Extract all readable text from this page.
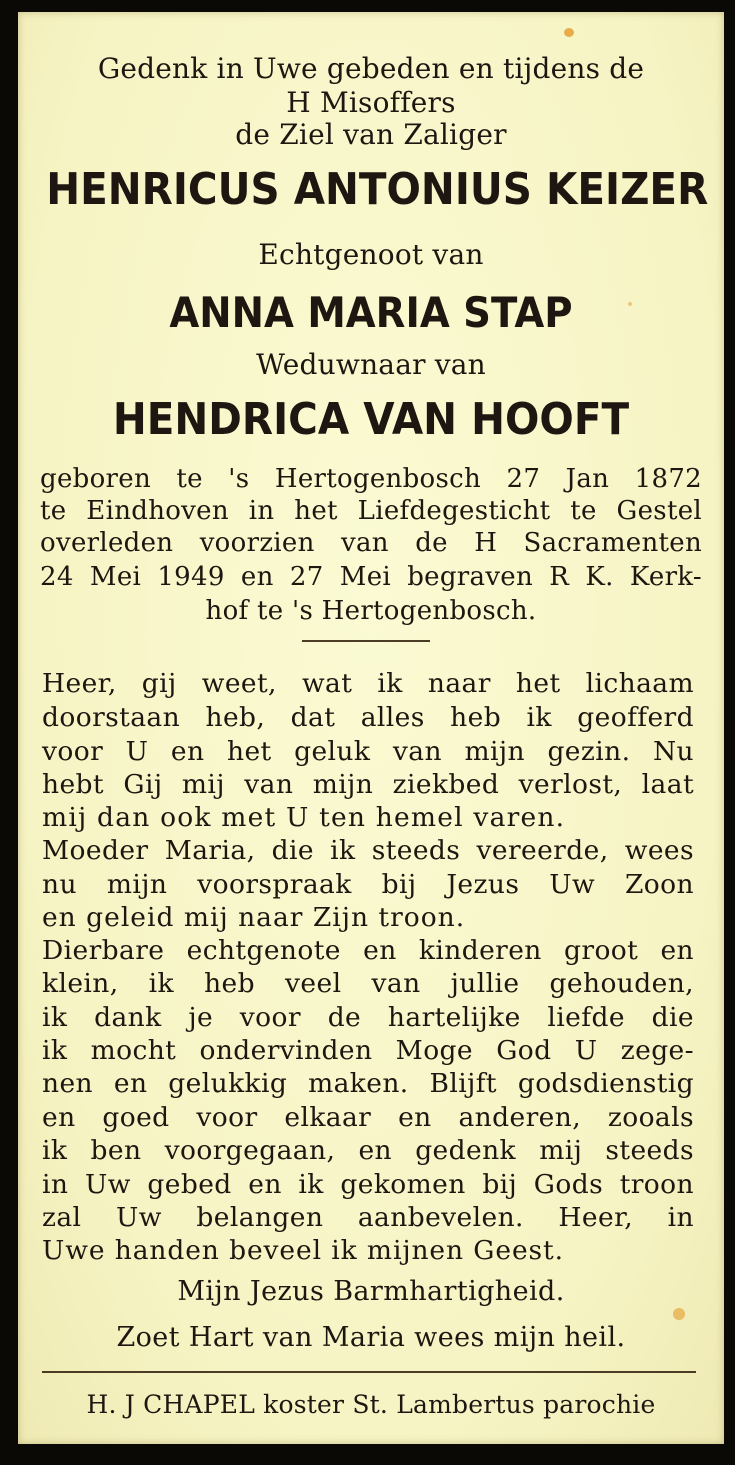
Gedenk in Uwe gebeden en tijdens de

H Misoffers

de Ziel van Zaliger

HENRICUS ANTONIUS KEIZER

Echtgenoot van

ANNA MARIA STAP

Weduwnaar van

HENDRICA VAN HOOFT

geboren te 's Hertogenbosch 27 Jan 1872

te Eindhoven in het Liefdegesticht te Gestel

overleden voorzien van de H Sacramenten

24 Mei 1949 en 27 Mei begraven R K. Kerk-

hof te 's Hertogenbosch.

Heer, gij weet, wat ik naar het lichaam

doorstaan heb, dat alles heb ik geofferd

voor U en het geluk van mijn gezin. Nu

hebt Gij mij van mijn ziekbed verlost, laat

mij dan ook met U ten hemel varen.

Moeder Maria, die ik steeds vereerde, wees

nu mijn voorspraak bij Jezus Uw Zoon

en geleid mij naar Zijn troon.

Dierbare echtgenote en kinderen groot en

klein, ik heb veel van jullie gehouden,

ik dank je voor de hartelijke liefde die

ik mocht ondervinden Moge God U zege-

nen en gelukkig maken. Blijft godsdienstig

en goed voor elkaar en anderen, zooals

ik ben voorgegaan, en gedenk mij steeds

in Uw gebed en ik gekomen bij Gods troon

zal Uw belangen aanbevelen. Heer, in

Uwe handen beveel ik mijnen Geest.

Mijn Jezus Barmhartigheid.

Zoet Hart van Maria wees mijn heil.

H. J CHAPEL koster St. Lambertus parochie
